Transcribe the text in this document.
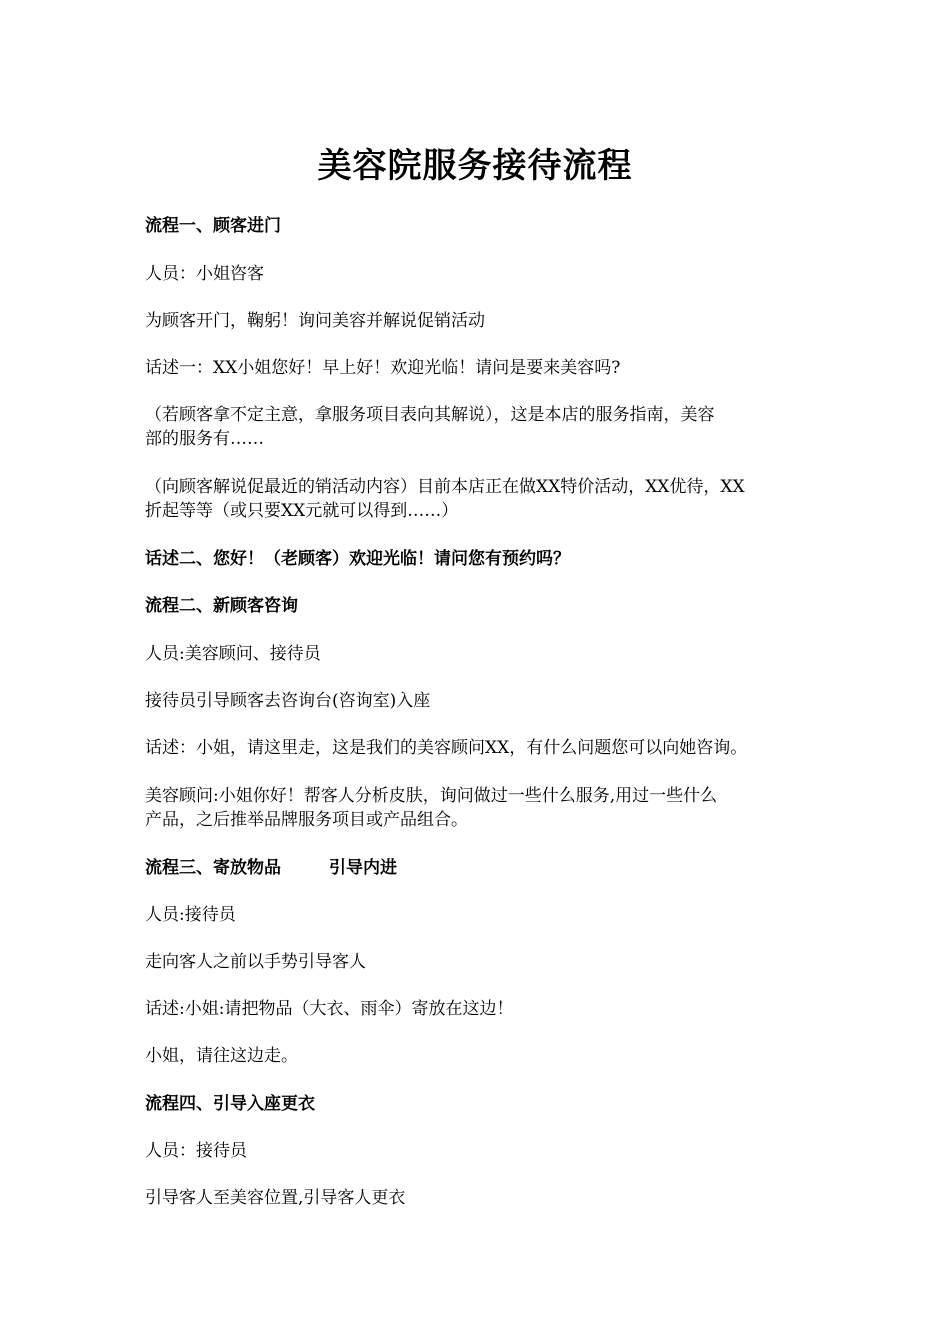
美容院服务接待流程
流程一、顾客进门
人员：小姐咨客
为顾客开门，鞠躬！询问美容并解说促销活动
话述一：XX小姐您好！早上好！欢迎光临！请问是要来美容吗?
（若顾客拿不定主意，拿服务项目表向其解说），这是本店的服务指南，美容
部的服务有……
（向顾客解说促最近的销活动内容）目前本店正在做XX特价活动，XX优待，XX
折起等等（或只要XX元就可以得到……）
话述二、您好！（老顾客）欢迎光临！请问您有预约吗？
流程二、新顾客咨询
人员:美容顾问、接待员
接待员引导顾客去咨询台(咨询室)入座
话述：小姐，请这里走，这是我们的美容顾问XX，有什么问题您可以向她咨询。
美容顾问:小姐你好！帮客人分析皮肤，询问做过一些什么服务,用过一些什么
产品，之后推举品牌服务项目或产品组合。
流程三、寄放物品	引导内进
人员:接待员
走向客人之前以手势引导客人
话述:小姐:请把物品（大衣、雨伞）寄放在这边！
小姐，请往这边走。
流程四、引导入座更衣
人员：接待员
引导客人至美容位置,引导客人更衣
